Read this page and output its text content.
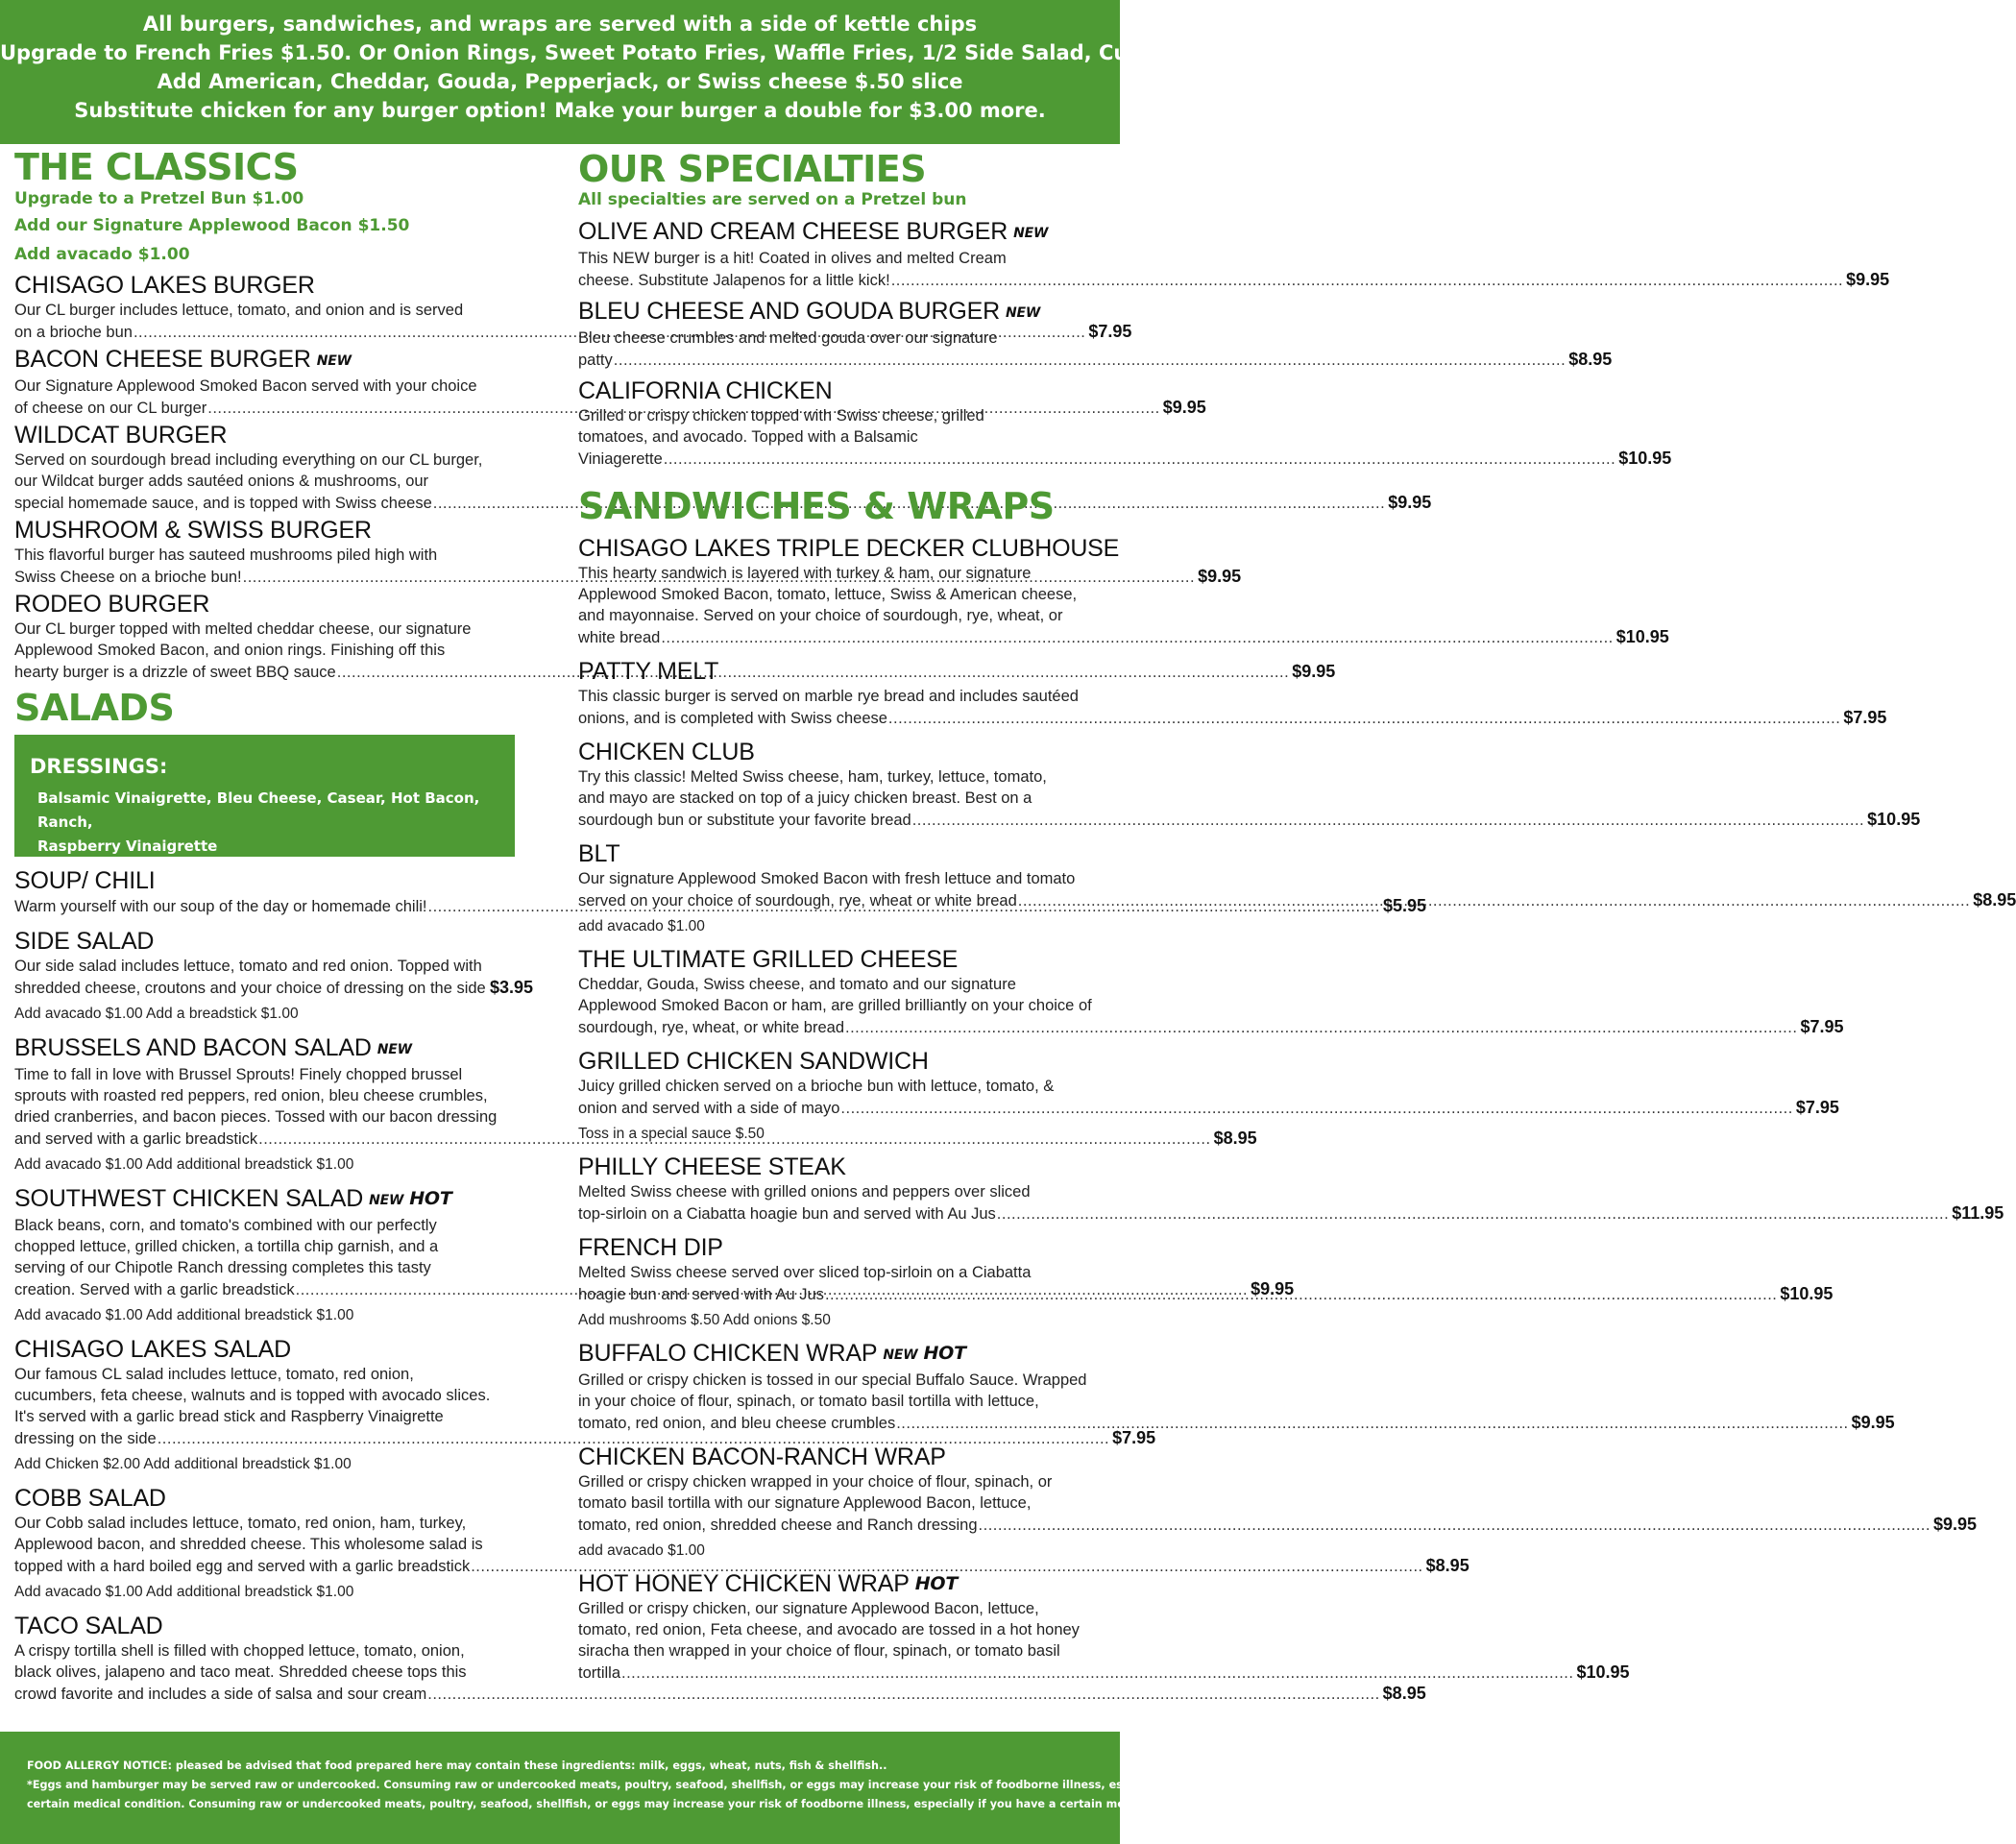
All burgers, sandwiches, and wraps are served with a side of kettle chips
Upgrade to French Fries $1.50. Or Onion Rings, Sweet Potato Fries, Waffle Fries, 1/2 Side Salad, Cup of Soup $2.00.
Add American, Cheddar, Gouda, Pepperjack, or Swiss cheese $.50 slice
Substitute chicken for any burger option! Make your burger a double for $3.00 more.
THE CLASSICS
Upgrade to a Pretzel Bun $1.00
Add our Signature Applewood Bacon $1.50
Add avacado $1.00
CHISAGO LAKES BURGER
Our CL burger includes lettuce, tomato, and onion and is served
on a brioche bun .....	$7.95
BACON CHEESE BURGER NEW
Our Signature Applewood Smoked Bacon served with your choice
of cheese on our CL burger .....	$9.95
WILDCAT BURGER
Served on sourdough bread including everything on our CL burger,
our Wildcat burger adds sautéed onions & mushrooms, our
special homemade sauce, and is topped with Swiss cheese .....	$9.95
MUSHROOM & SWISS BURGER
This flavorful burger has sauteed mushrooms piled high with
Swiss Cheese on a brioche bun! .....	$9.95
RODEO BURGER
Our CL burger topped with melted cheddar cheese, our signature
Applewood Smoked Bacon, and onion rings. Finishing off this
hearty burger is a drizzle of sweet BBQ sauce .....	$9.95
SALADS
DRESSINGS:
Balsamic Vinaigrette, Bleu Cheese, Casear, Hot Bacon, Ranch,
Raspberry Vinaigrette
SOUP/ CHILI
Warm yourself with our soup of the day or homemade chili! .....	$5.95
SIDE SALAD
Our side salad includes lettuce, tomato and red onion. Topped with
shredded cheese, croutons and your choice of dressing on the side ..... $3.95
Add avacado $1.00 Add a breadstick $1.00
BRUSSELS AND BACON SALAD NEW
Time to fall in love with Brussel Sprouts! Finely chopped brussel
sprouts with roasted red peppers, red onion, bleu cheese crumbles,
dried cranberries, and bacon pieces. Tossed with our bacon dressing
and served with a garlic breadstick .....	$8.95
Add avacado $1.00 Add additional breadstick $1.00
SOUTHWEST CHICKEN SALAD NEW HOT
Black beans, corn, and tomato's combined with our perfectly
chopped lettuce, grilled chicken, a tortilla chip garnish, and a
serving of our Chipotle Ranch dressing completes this tasty
creation. Served with a garlic breadstick .....	$9.95
Add avacado $1.00 Add additional breadstick $1.00
CHISAGO LAKES SALAD
Our famous CL salad includes lettuce, tomato, red onion,
cucumbers, feta cheese, walnuts and is topped with avocado slices.
It's served with a garlic bread stick and Raspberry Vinaigrette
dressing on the side .....	$7.95
Add Chicken $2.00 Add additional breadstick $1.00
COBB SALAD
Our Cobb salad includes lettuce, tomato, red onion, ham, turkey,
Applewood bacon, and shredded cheese. This wholesome salad is
topped with a hard boiled egg and served with a garlic breadstick .....	$8.95
Add avacado $1.00 Add additional breadstick $1.00
TACO SALAD
A crispy tortilla shell is filled with chopped lettuce, tomato, onion,
black olives, jalapeno and taco meat. Shredded cheese tops this
crowd favorite and includes a side of salsa and sour cream .....	$8.95
OUR SPECIALTIES
All specialties are served on a Pretzel bun
OLIVE AND CREAM CHEESE BURGER NEW
This NEW burger is a hit! Coated in olives and melted Cream
cheese. Substitute Jalapenos for a little kick! .....	$9.95
BLEU CHEESE AND GOUDA BURGER NEW
Bleu cheese crumbles and melted gouda over our signature
patty .....	$8.95
CALIFORNIA CHICKEN
Grilled or crispy chicken topped with Swiss cheese, grilled
tomatoes, and avocado. Topped with a Balsamic
Viniagerette .....	$10.95
SANDWICHES & WRAPS
CHISAGO LAKES TRIPLE DECKER CLUBHOUSE
This hearty sandwich is layered with turkey & ham, our signature
Applewood Smoked Bacon, tomato, lettuce, Swiss & American cheese,
and mayonnaise. Served on your choice of sourdough, rye, wheat, or
white bread .....	$10.95
PATTY MELT
This classic burger is served on marble rye bread and includes sautéed
onions, and is completed with Swiss cheese .....	$7.95
CHICKEN CLUB
Try this classic! Melted Swiss cheese, ham, turkey, lettuce, tomato,
and mayo are stacked on top of a juicy chicken breast. Best on a
sourdough bun or substitute your favorite bread .....	$10.95
BLT
Our signature Applewood Smoked Bacon with fresh lettuce and tomato
served on your choice of sourdough, rye, wheat or white bread .....	$8.95
add avacado $1.00
THE ULTIMATE GRILLED CHEESE
Cheddar, Gouda, Swiss cheese, and tomato and our signature
Applewood Smoked Bacon or ham, are grilled brilliantly on your choice of
sourdough, rye, wheat, or white bread .....	$7.95
GRILLED CHICKEN SANDWICH
Juicy grilled chicken served on a brioche bun with lettuce, tomato, &
onion and served with a side of mayo .....	$7.95
Toss in a special sauce $.50
PHILLY CHEESE STEAK
Melted Swiss cheese with grilled onions and peppers over sliced
top-sirloin on a Ciabatta hoagie bun and served with Au Jus .....	$11.95
FRENCH DIP
Melted Swiss cheese served over sliced top-sirloin on a Ciabatta
hoagie bun and served with Au Jus .....	$10.95
Add mushrooms $.50 Add onions $.50
BUFFALO CHICKEN WRAP NEW HOT
Grilled or crispy chicken is tossed in our special Buffalo Sauce. Wrapped
in your choice of flour, spinach, or tomato basil tortilla with lettuce,
tomato, red onion, and bleu cheese crumbles .....	$9.95
CHICKEN BACON-RANCH WRAP
Grilled or crispy chicken wrapped in your choice of flour, spinach, or
tomato basil tortilla with our signature Applewood Bacon, lettuce,
tomato, red onion, shredded cheese and Ranch dressing .....	$9.95
add avacado $1.00
HOT HONEY CHICKEN WRAP HOT
Grilled or crispy chicken, our signature Applewood Bacon, lettuce,
tomato, red onion, Feta cheese, and avocado are tossed in a hot honey
siracha then wrapped in your choice of flour, spinach, or tomato basil
tortilla .....	$10.95
FOOD ALLERGY NOTICE: pleased be advised that food prepared here may contain these ingredients: milk, eggs, wheat, nuts, fish & shellfish..
*Eggs and hamburger may be served raw or undercooked. Consuming raw or undercooked meats, poultry, seafood, shellfish, or eggs may increase your risk of foodborne illness, especially if you have a
certain medical condition. Consuming raw or undercooked meats, poultry, seafood, shellfish, or eggs may increase your risk of foodborne illness, especially if you have a certain medical condition.
